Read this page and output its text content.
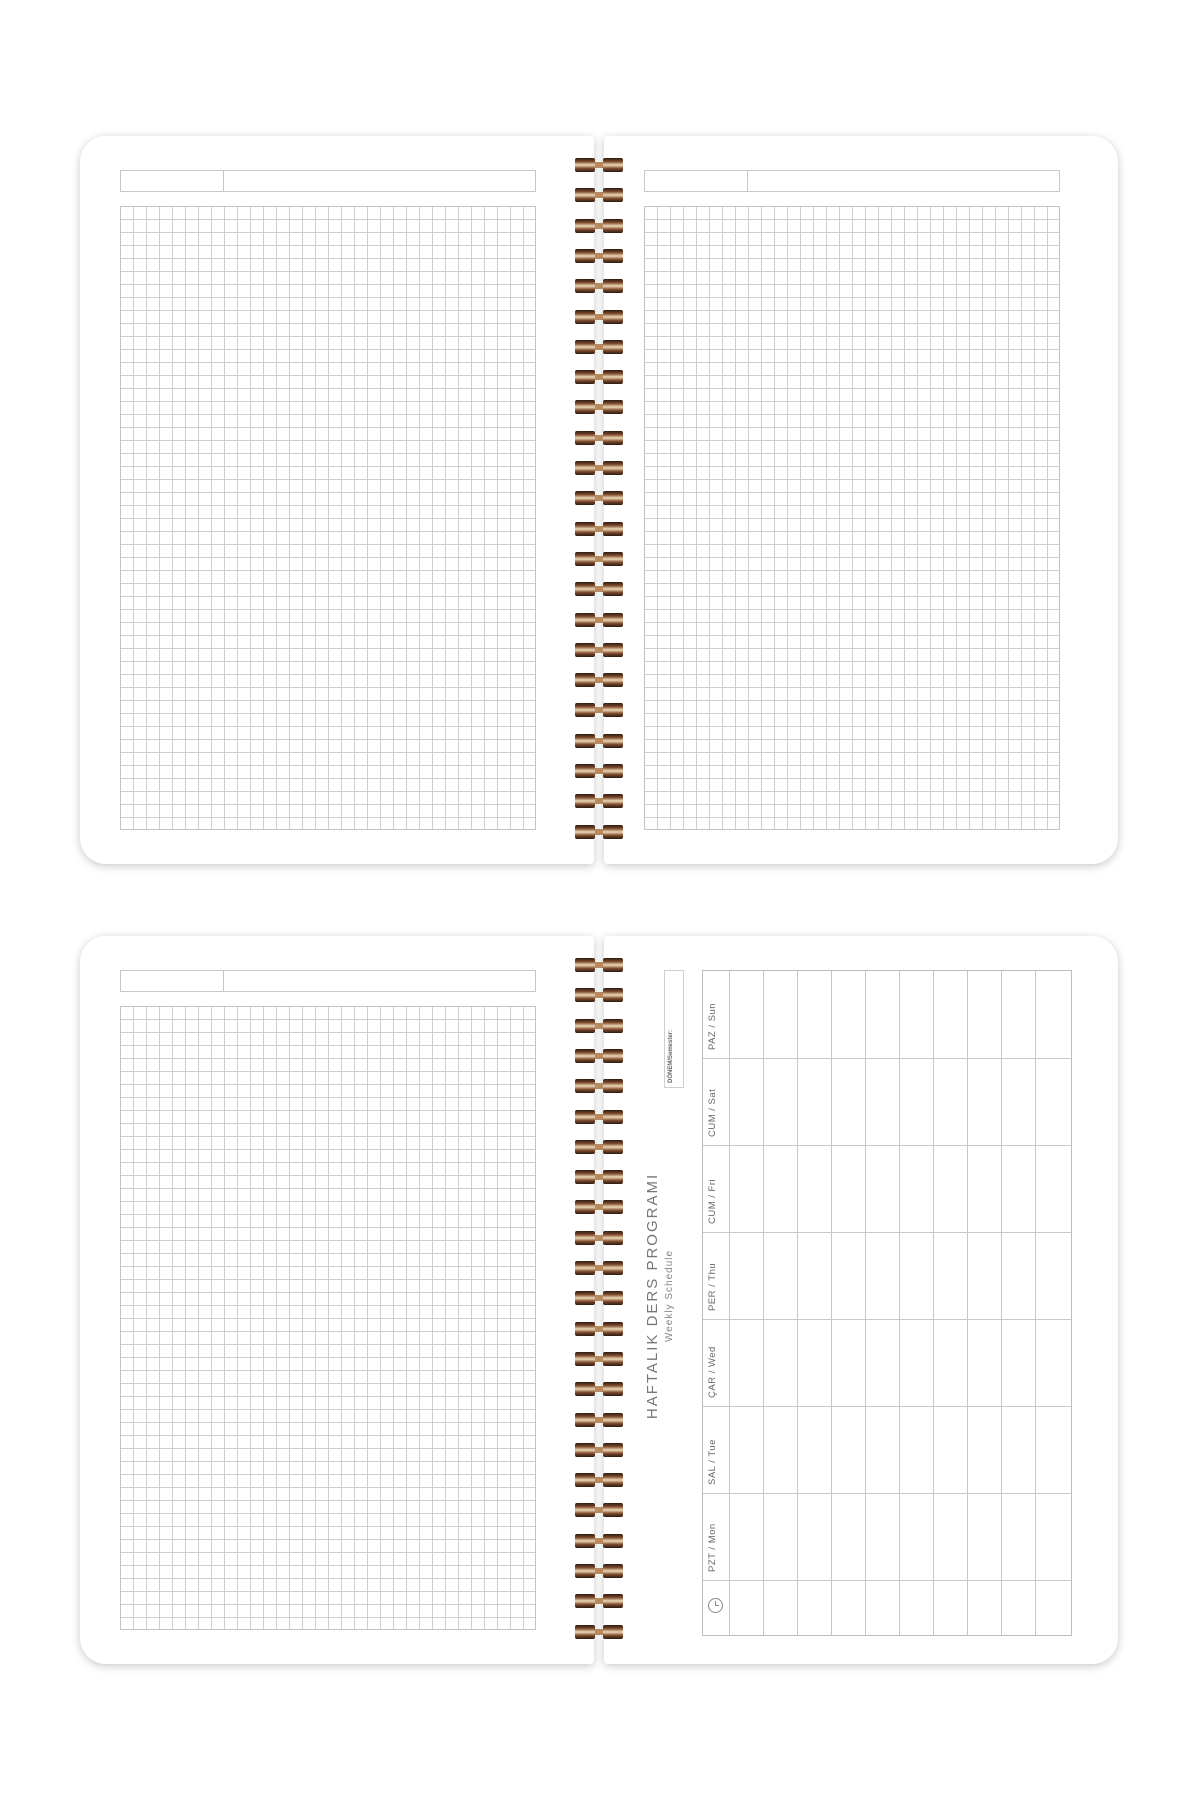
DÖNEM/Semester:
HAFTALIK DERS PROGRAMI Weekly Schedule
PAZ / Sun
CUM / Sat
CUM / Fri
PER / Thu
ÇAR / Wed
SAL / Tue
PZT / Mon
